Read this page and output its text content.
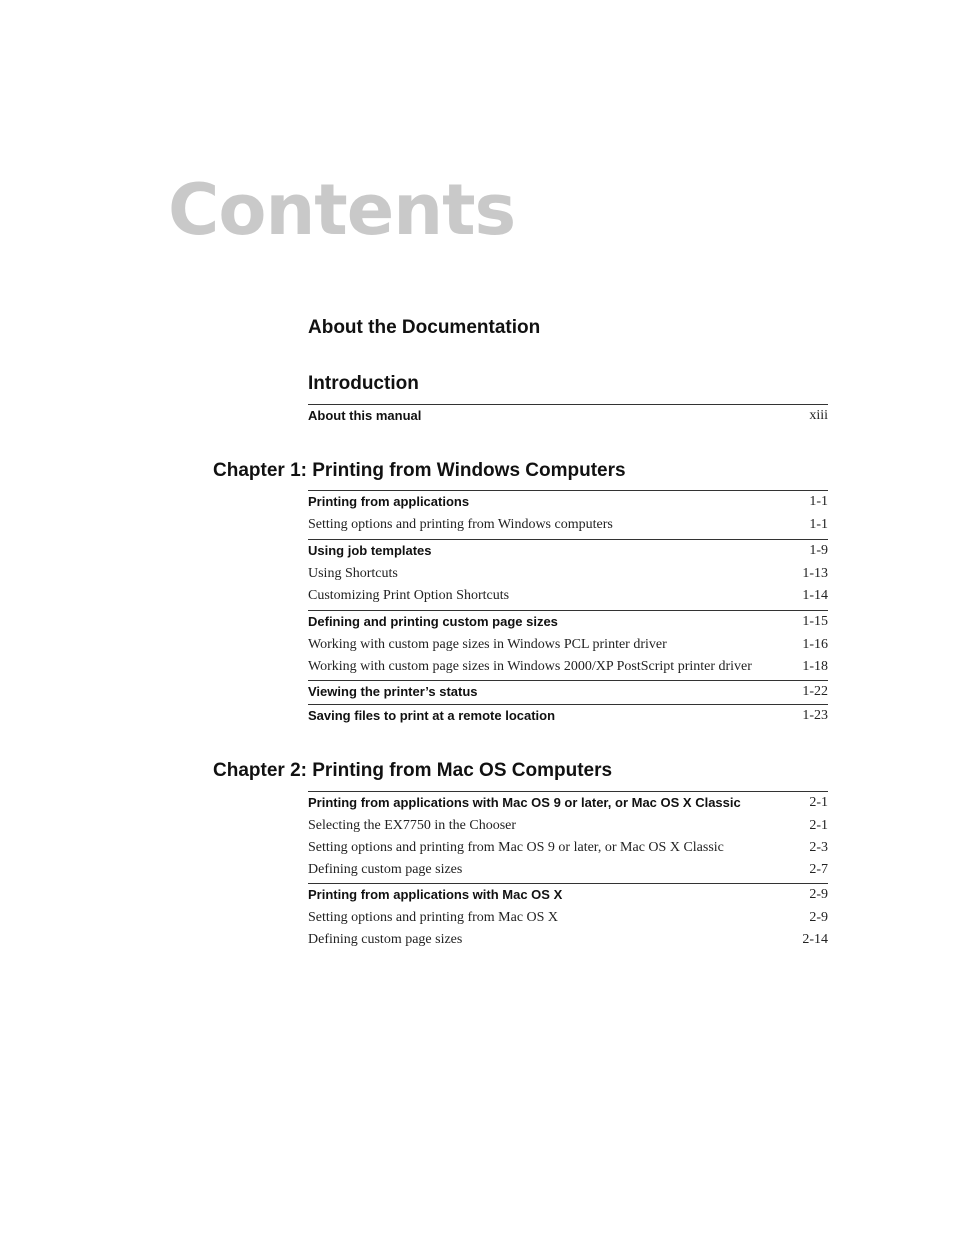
Contents
About the Documentation
Introduction
About this manual	xiii
Chapter 1: Printing from Windows Computers
Printing from applications	1-1
Setting options and printing from Windows computers	1-1
Using job templates	1-9
Using Shortcuts	1-13
Customizing Print Option Shortcuts	1-14
Defining and printing custom page sizes	1-15
Working with custom page sizes in Windows PCL printer driver	1-16
Working with custom page sizes in Windows 2000/XP PostScript printer driver	1-18
Viewing the printer’s status	1-22
Saving files to print at a remote location	1-23
Chapter 2: Printing from Mac OS Computers
Printing from applications with Mac OS 9 or later, or Mac OS X Classic	2-1
Selecting the EX7750 in the Chooser	2-1
Setting options and printing from Mac OS 9 or later, or Mac OS X Classic	2-3
Defining custom page sizes	2-7
Printing from applications with Mac OS X	2-9
Setting options and printing from Mac OS X	2-9
Defining custom page sizes	2-14
